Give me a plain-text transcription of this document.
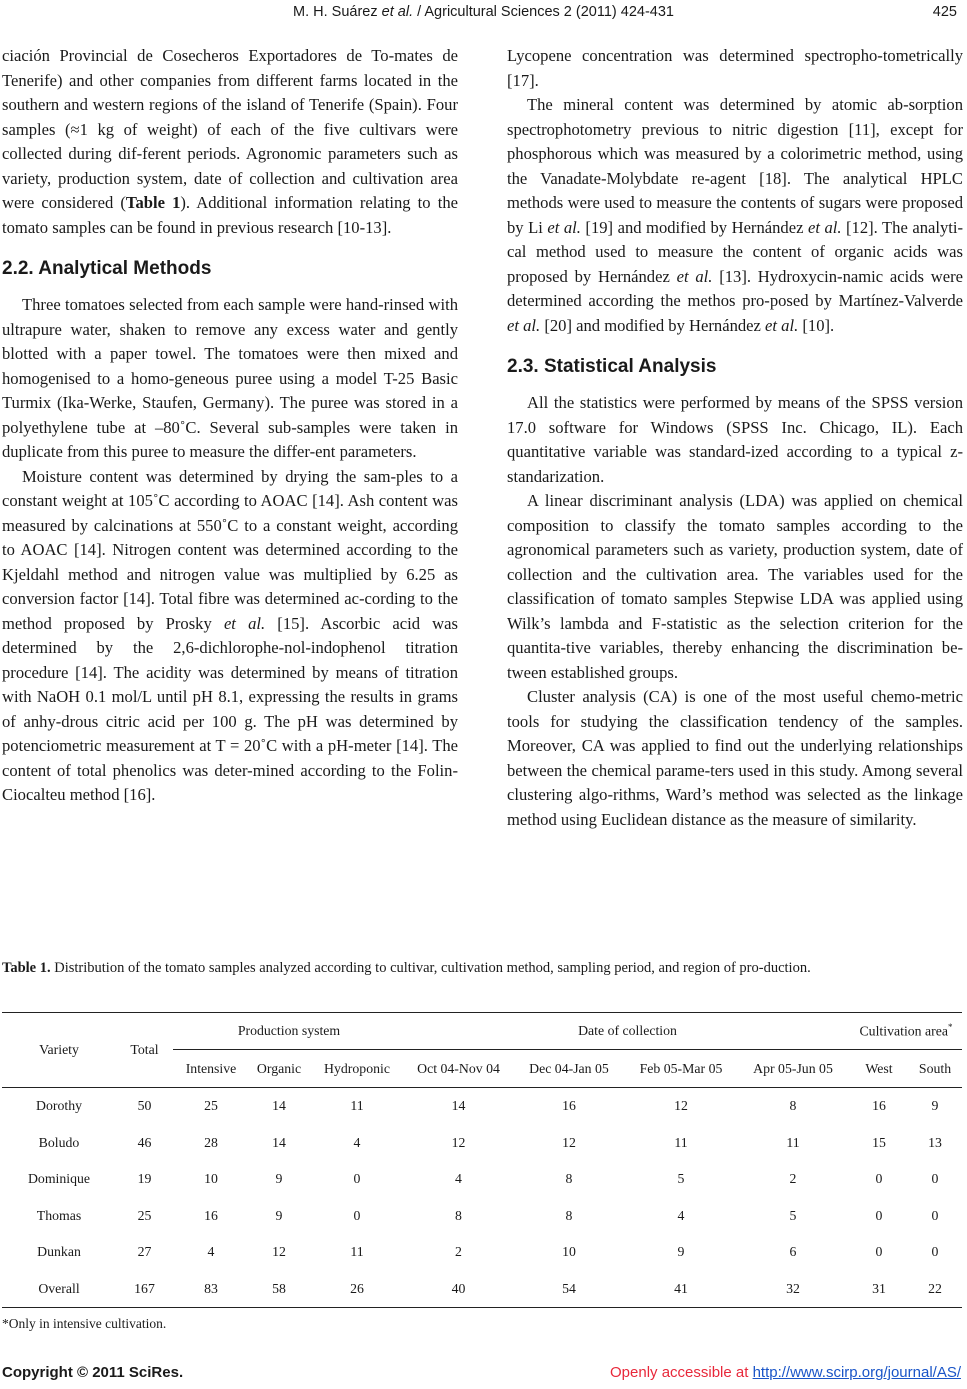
M. H. Suárez et al. / Agricultural Sciences 2 (2011) 424-431	425

ciación Provincial de Cosecheros Exportadores de To-mates de Tenerife) and other companies from different farms located in the southern and western regions of the island of Tenerife (Spain). Four samples (≈1 kg of weight) of each of the five cultivars were collected during dif-ferent periods. Agronomic parameters such as variety, production system, date of collection and cultivation area were considered (Table 1). Additional information relating to the tomato samples can be found in previous research [10-13].

2.2. Analytical Methods

Three tomatoes selected from each sample were hand-rinsed with ultrapure water, shaken to remove any excess water and gently blotted with a paper towel. The tomatoes were then mixed and homogenised to a homo-geneous puree using a model T-25 Basic Turmix (Ika-Werke, Staufen, Germany). The puree was stored in a polyethylene tube at –80˚C. Several sub-samples were taken in duplicate from this puree to measure the differ-ent parameters.

Moisture content was determined by drying the sam-ples to a constant weight at 105˚C according to AOAC [14]. Ash content was measured by calcinations at 550˚C to a constant weight, according to AOAC [14]. Nitrogen content was determined according to the Kjeldahl method and nitrogen value was multiplied by 6.25 as conversion factor [14]. Total fibre was determined ac-cording to the method proposed by Prosky et al. [15]. Ascorbic acid was determined by the 2,6-dichlorophe-nol-indophenol titration procedure [14]. The acidity was determined by means of titration with NaOH 0.1 mol/L until pH 8.1, expressing the results in grams of anhy-drous citric acid per 100 g. The pH was determined by potenciometric measurement at T = 20˚C with a pH-meter [14]. The content of total phenolics was deter-mined according to the Folin-Ciocalteu method [16].

Lycopene concentration was determined spectropho-tometrically [17].

The mineral content was determined by atomic ab-sorption spectrophotometry previous to nitric digestion [11], except for phosphorous which was measured by a colorimetric method, using the Vanadate-Molybdate re-agent [18]. The analytical HPLC methods were used to measure the contents of sugars were proposed by Li et al. [19] and modified by Hernández et al. [12]. The analyti-cal method used to measure the content of organic acids was proposed by Hernández et al. [13]. Hydroxycin-namic acids were determined according the methos pro-posed by Martínez-Valverde et al. [20] and modified by Hernández et al. [10].

2.3. Statistical Analysis

All the statistics were performed by means of the SPSS version 17.0 software for Windows (SPSS Inc. Chicago, IL). Each quantitative variable was standard-ized according to a typical z-standarization.

A linear discriminant analysis (LDA) was applied on chemical composition to classify the tomato samples according to the agronomical parameters such as variety, production system, date of collection and the cultivation area. The variables used for the classification of tomato samples Stepwise LDA was applied using Wilk’s lambda and F-statistic as the selection criterion for the quantita-tive variables, thereby enhancing the discrimination be-tween established groups.

Cluster analysis (CA) is one of the most useful chemo-metric tools for studying the classification tendency of the samples. Moreover, CA was applied to find out the underlying relationships between the chemical parame-ters used in this study. Among several clustering algo-rithms, Ward’s method was selected as the linkage method using Euclidean distance as the measure of similarity.

Table 1. Distribution of the tomato samples analyzed according to cultivar, cultivation method, sampling period, and region of pro-duction.
Variety	Total	Production system			Date of collection				Cultivation area*
		Intensive	Organic	Hydroponic	Oct 04-Nov 04	Dec 04-Jan 05	Feb 05-Mar 05	Apr 05-Jun 05	West	South
Dorothy	50	25	14	11	14	16	12	8	16	9
Boludo	46	28	14	4	12	12	11	11	15	13
Dominique	19	10	9	0	4	8	5	2	0	0
Thomas	25	16	9	0	8	8	4	5	0	0
Dunkan	27	4	12	11	2	10	9	6	0	0
Overall	167	83	58	26	40	54	41	32	31	22
*Only in intensive cultivation.
Copyright © 2011 SciRes.	Openly accessible at http://www.scirp.org/journal/AS/
